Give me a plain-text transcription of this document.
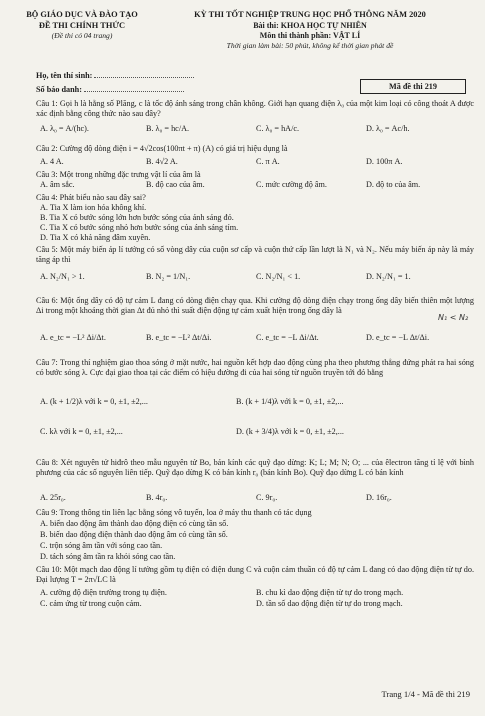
BỘ GIÁO DỤC VÀ ĐÀO TẠO
ĐỀ THI CHÍNH THỨC
(Đề thi có 04 trang)
KỲ THI TỐT NGHIỆP TRUNG HỌC PHỔ THÔNG NĂM 2020
Bài thi: KHOA HỌC TỰ NHIÊN
Môn thi thành phần: VẬT LÍ
Thời gian làm bài: 50 phút, không kể thời gian phát đề
Họ, tên thí sinh:
Số báo danh:	Mã đề thi 219
Câu 1: Gọi h là hằng số Plăng, c là tốc độ ánh sáng trong chân không. Giới hạn quang điện λ₀ của một kim loại có công thoát A được xác định bằng công thức nào sau đây?
A. λ₀ = A/(hc).	B. λ₀ = hc/A.	C. λ₀ = hA/c.	D. λ₀ = Ac/h.
Câu 2: Cường độ dòng điện i = 4√2cos(100πt + π) (A) có giá trị hiệu dụng là
A. 4 A.	B. 4√2 A.	C. π A.	D. 100π A.
Câu 3: Một trong những đặc trưng vật lí của âm là
A. âm sắc.	B. độ cao của âm.	C. mức cường độ âm.	D. độ to của âm.
Câu 4: Phát biểu nào sau đây sai?
A. Tia X làm ion hóa không khí.
B. Tia X có bước sóng lớn hơn bước sóng của ánh sáng đỏ.
C. Tia X có bước sóng nhỏ hơn bước sóng của ánh sáng tím.
D. Tia X có khả năng đâm xuyên.
Câu 5: Một máy biến áp lí tưởng có số vòng dây của cuộn sơ cấp và cuộn thứ cấp lần lượt là N₁ và N₂. Nếu máy biến áp này là máy tăng áp thì
A. N₂/N₁ > 1.	B. N₂ = 1/N₁.	C. N₂/N₁ < 1.	D. N₂/N₁ = 1.
N₁ < N₂
Câu 6: Một ống dây có độ tự cảm L đang có dòng điện chạy qua. Khi cường độ dòng điện chạy trong ống dây biến thiên một lượng Δi trong một khoảng thời gian Δt đủ nhỏ thì suất điện động tự cảm xuất hiện trong ống dây là
A. e_tc = −L² Δi/Δt.	B. e_tc = −L² Δt/Δi.	C. e_tc = −L Δi/Δt.	D. e_tc = −L Δt/Δi.
Câu 7: Trong thí nghiệm giao thoa sóng ở mặt nước, hai nguồn kết hợp dao động cùng pha theo phương thẳng đứng phát ra hai sóng có bước sóng λ. Cực đại giao thoa tại các điểm có hiệu đường đi của hai sóng từ nguồn truyền tới đó bằng
A. (k + 1/2)λ với k = 0, ±1, ±2,...	B. (k + 1/4)λ với k = 0, ±1, ±2,...
C. kλ với k = 0, ±1, ±2,...	D. (k + 3/4)λ với k = 0, ±1, ±2,...
Câu 8: Xét nguyên tử hiđrô theo mẫu nguyên tử Bo, bán kính các quỹ đạo dừng: K; L; M; N; O; ... của êlectron tăng tỉ lệ với bình phương của các số nguyên liên tiếp. Quỹ đạo dừng K có bán kính r₀ (bán kính Bo). Quỹ đạo dừng L có bán kính
A. 25r₀.	B. 4r₀.	C. 9r₀.	D. 16r₀.
Câu 9: Trong thông tin liên lạc bằng sóng vô tuyến, loa ở máy thu thanh có tác dụng
A. biến dao động âm thành dao động điện có cùng tần số.
B. biến dao động điện thành dao động âm có cùng tần số.
C. trộn sóng âm tần với sóng cao tần.
D. tách sóng âm tần ra khỏi sóng cao tần.
Câu 10: Một mạch dao động lí tưởng gồm tụ điện có điện dung C và cuộn cảm thuần có độ tự cảm L đang có dao động điện từ tự do. Đại lượng T = 2π√LC là
A. cường độ điện trường trong tụ điện.	B. chu kì dao động điện từ tự do trong mạch.
C. cảm ứng từ trong cuộn cảm.	D. tần số dao động điện từ tự do trong mạch.
Trang 1/4 - Mã đề thi 219
